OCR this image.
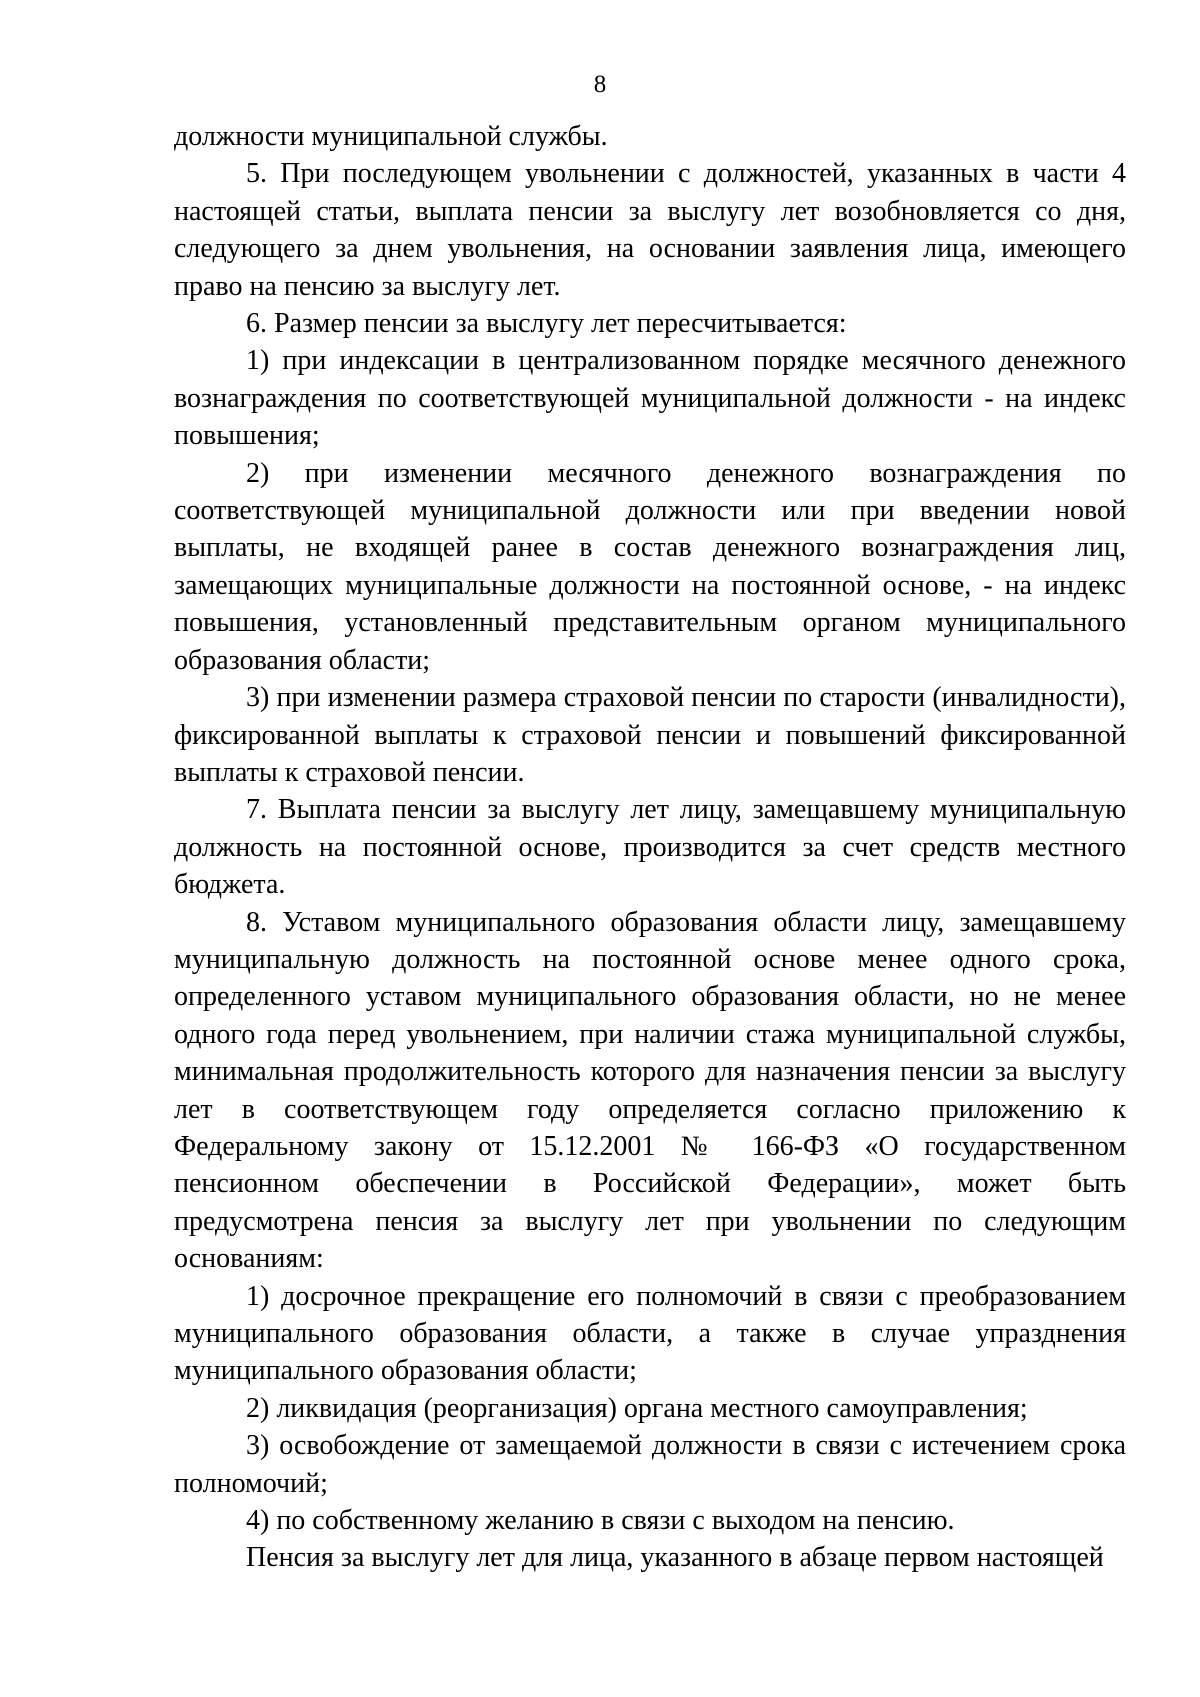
8

должности муниципальной службы.

5. При последующем увольнении с должностей, указанных в части 4 настоящей статьи, выплата пенсии за выслугу лет возобновляется со дня, следующего за днем увольнения, на основании заявления лица, имеющего право на пенсию за выслугу лет.

6. Размер пенсии за выслугу лет пересчитывается:

1) при индексации в централизованном порядке месячного денежного вознаграждения по соответствующей муниципальной должности - на индекс повышения;

2) при изменении месячного денежного вознаграждения по соответствующей муниципальной должности или при введении новой выплаты, не входящей ранее в состав денежного вознаграждения лиц, замещающих муниципальные должности на постоянной основе, - на индекс повышения, установленный представительным органом муниципального образования области;

3) при изменении размера страховой пенсии по старости (инвалидности), фиксированной выплаты к страховой пенсии и повышений фиксированной выплаты к страховой пенсии.

7. Выплата пенсии за выслугу лет лицу, замещавшему муниципальную должность на постоянной основе, производится за счет средств местного бюджета.

8. Уставом муниципального образования области лицу, замещавшему муниципальную должность на постоянной основе менее одного срока, определенного уставом муниципального образования области, но не менее одного года перед увольнением, при наличии стажа муниципальной службы, минимальная продолжительность которого для назначения пенсии за выслугу лет в соответствующем году определяется согласно приложению к Федеральному закону от 15.12.2001 № 166-ФЗ «О государственном пенсионном обеспечении в Российской Федерации», может быть предусмотрена пенсия за выслугу лет при увольнении по следующим основаниям:

1) досрочное прекращение его полномочий в связи с преобразованием муниципального образования области, а также в случае упразднения муниципального образования области;

2) ликвидация (реорганизация) органа местного самоуправления;

3) освобождение от замещаемой должности в связи с истечением срока полномочий;

4) по собственному желанию в связи с выходом на пенсию.

Пенсия за выслугу лет для лица, указанного в абзаце первом настоящей
